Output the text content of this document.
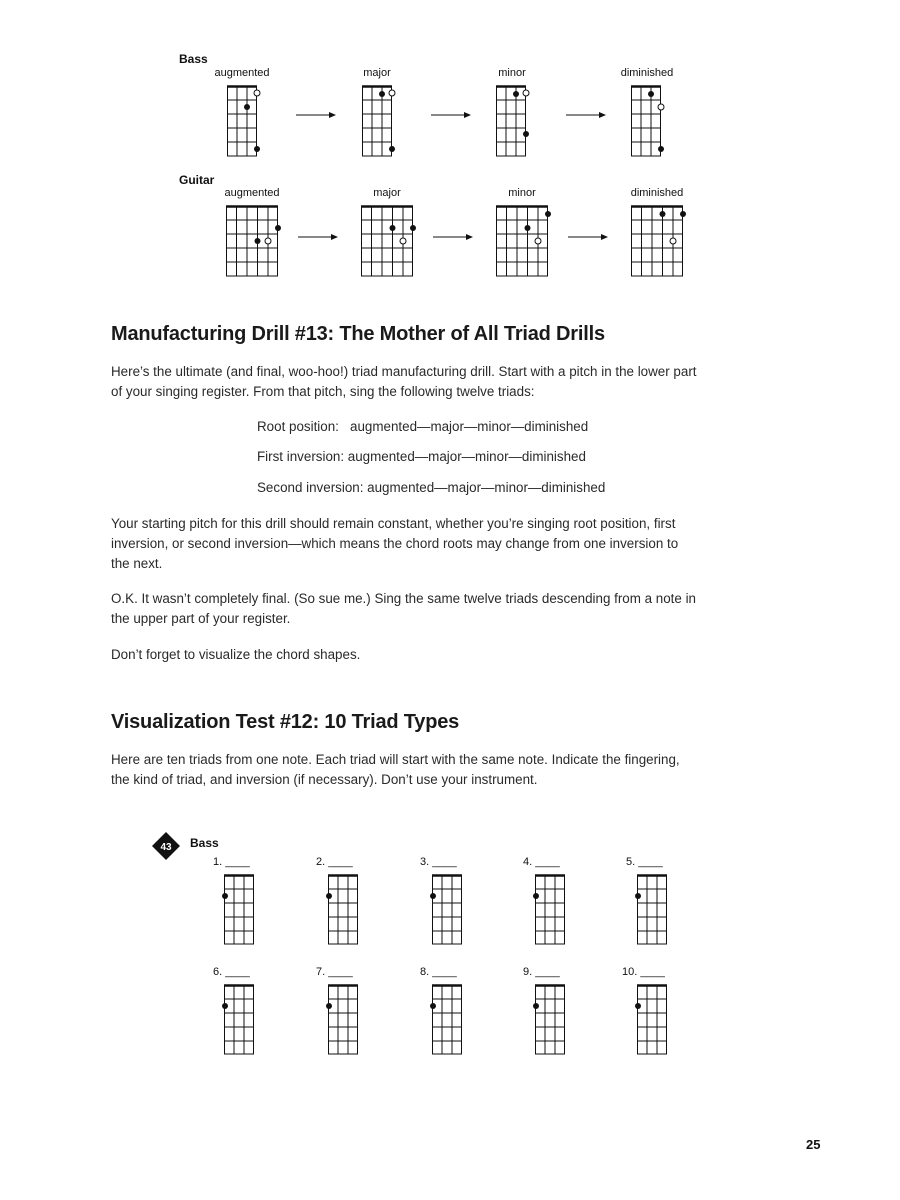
Bass
augmented	major	minor	diminished
Guitar
augmented	major	minor	diminished
Manufacturing Drill #13: The Mother of All Triad Drills
Here’s the ultimate (and final, woo-hoo!) triad manufacturing drill. Start with a pitch in the lower part
of your singing register. From that pitch, sing the following twelve triads:
Root position:   augmented—major—minor—diminished
First inversion: augmented—major—minor—diminished
Second inversion: augmented—major—minor—diminished
Your starting pitch for this drill should remain constant, whether you’re singing root position, first
inversion, or second inversion—which means the chord roots may change from one inversion to
the next.
O.K. It wasn’t completely final. (So sue me.) Sing the same twelve triads descending from a note in
the upper part of your register.
Don’t forget to visualize the chord shapes.
Visualization Test #12: 10 Triad Types
Here are ten triads from one note. Each triad will start with the same note. Indicate the fingering,
the kind of triad, and inversion (if necessary). Don’t use your instrument.
43 Bass
1. ____	2. ____	3. ____	4. ____	5. ____
6. ____	7. ____	8. ____	9. ____	10. ____
25
